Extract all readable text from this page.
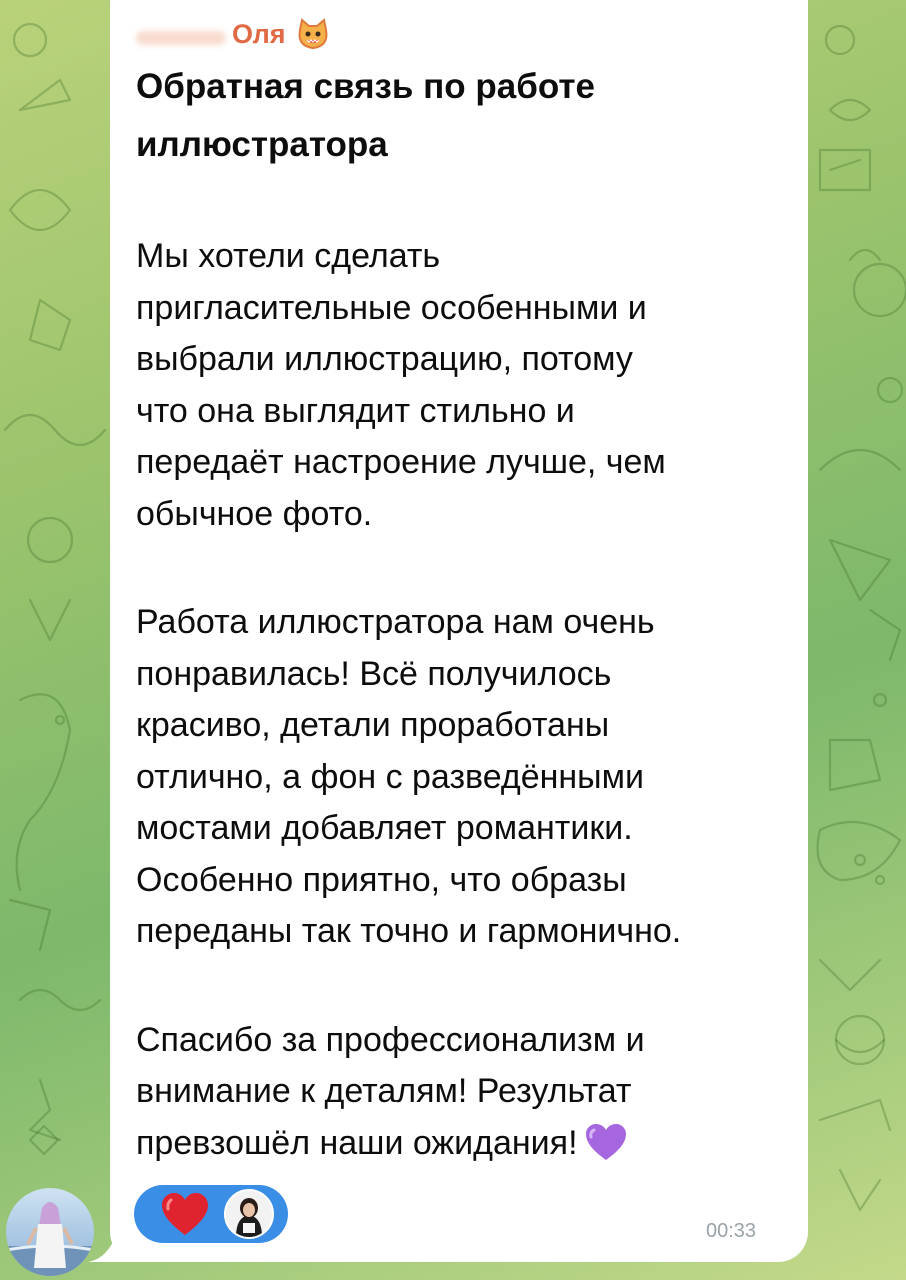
Оля

Обратная связь по работе
иллюстратора

Мы хотели сделать
пригласительные особенными и
выбрали иллюстрацию, потому
что она выглядит стильно и
передаёт настроение лучше, чем
обычное фото.

Работа иллюстратора нам очень
понравилась! Всё получилось
красиво, детали проработаны
отлично, а фон с разведёнными
мостами добавляет романтики.
Особенно приятно, что образы
переданы так точно и гармонично.

Спасибо за профессионализм и
внимание к деталям! Результат
превзошёл наши ожидания!

00:33
